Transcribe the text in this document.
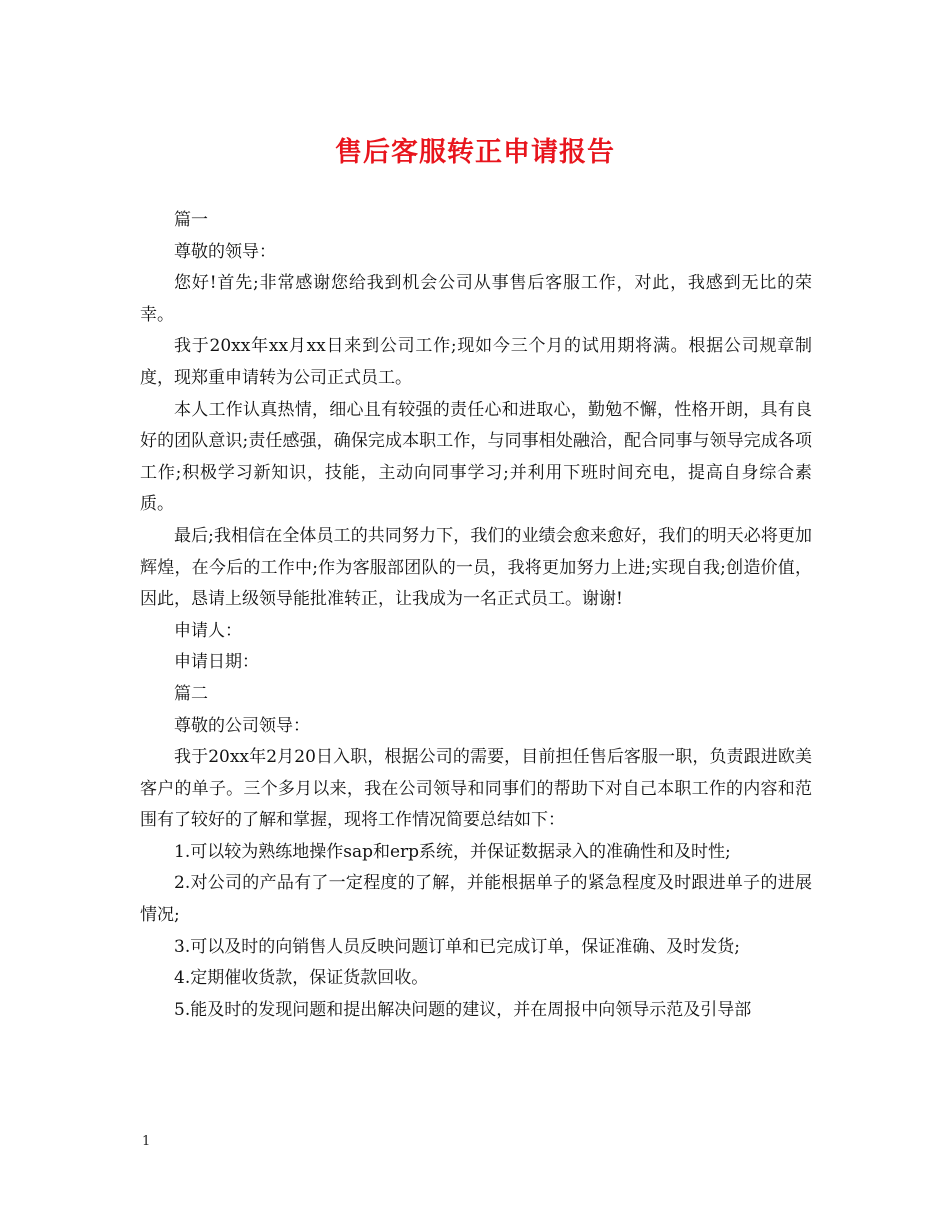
售后客服转正申请报告

篇一

尊敬的领导：

您好!首先;非常感谢您给我到机会公司从事售后客服工作，对此，我感到无比的荣幸。

我于20xx年xx月xx日来到公司工作;现如今三个月的试用期将满。根据公司规章制度，现郑重申请转为公司正式员工。

本人工作认真热情，细心且有较强的责任心和进取心，勤勉不懈，性格开朗，具有良好的团队意识;责任感强，确保完成本职工作，与同事相处融洽，配合同事与领导完成各项工作;积极学习新知识，技能，主动向同事学习;并利用下班时间充电，提高自身综合素质。

最后;我相信在全体员工的共同努力下，我们的业绩会愈来愈好，我们的明天必将更加辉煌，在今后的工作中;作为客服部团队的一员，我将更加努力上进;实现自我;创造价值，因此，恳请上级领导能批准转正，让我成为一名正式员工。谢谢!

申请人：

申请日期：

篇二

尊敬的公司领导：

我于20xx年2月20日入职，根据公司的需要，目前担任售后客服一职，负责跟进欧美客户的单子。三个多月以来，我在公司领导和同事们的帮助下对自己本职工作的内容和范围有了较好的了解和掌握，现将工作情况简要总结如下：

1.可以较为熟练地操作sap和erp系统，并保证数据录入的准确性和及时性;

2.对公司的产品有了一定程度的了解，并能根据单子的紧急程度及时跟进单子的进展情况;

3.可以及时的向销售人员反映问题订单和已完成订单，保证准确、及时发货;

4.定期催收货款，保证货款回收。

5.能及时的发现问题和提出解决问题的建议，并在周报中向领导示范及引导部

1
